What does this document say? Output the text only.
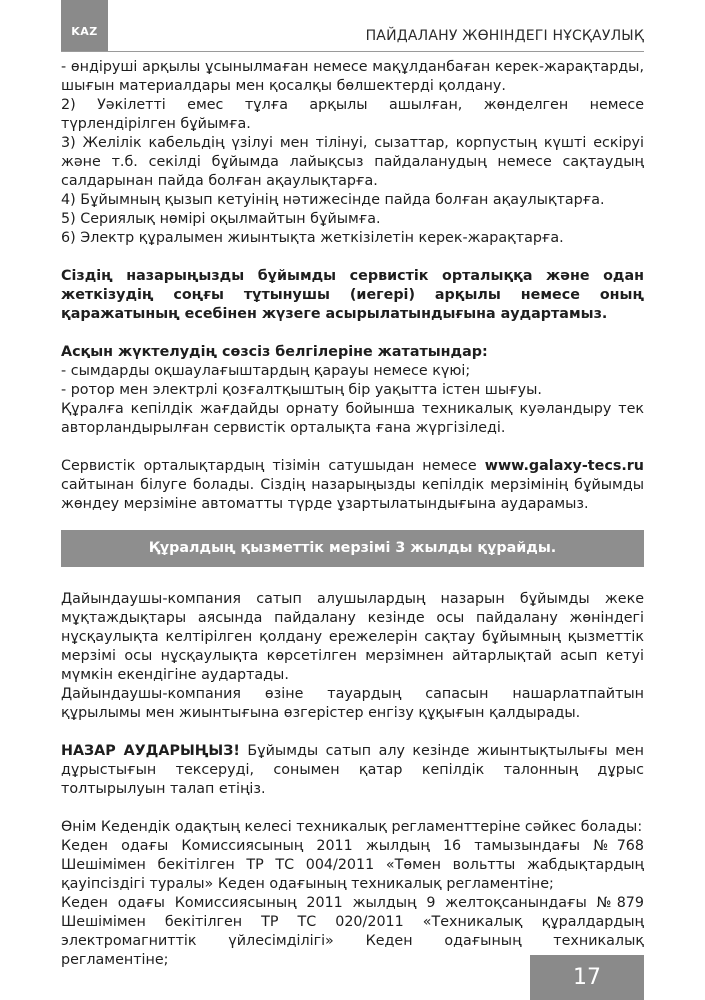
KAZ	ПАЙДАЛАНУ ЖӨНІНДЕГІ НҰСҚАУЛЫҚ

- өндіруші арқылы ұсынылмаған немесе мақұлданбаған керек-жарақтарды, шығын материалдары мен қосалқы бөлшектерді қолдану.

2) Уәкілетті емес тұлға арқылы ашылған, жөнделген немесе түрлендірілген бұйымға.

3) Желілік кабельдің үзілуі мен тілінуі, сызаттар, корпустың күшті ескіруі және т.б. секілді бұйымда лайықсыз пайдаланудың немесе сақтаудың салдарынан пайда болған ақаулықтарға.

4) Бұйымның қызып кетуінің нәтижесінде пайда болған ақаулықтарға.

5) Сериялық нөмірі оқылмайтын бұйымға.

6) Электр құралымен жиынтықта жеткізілетін керек-жарақтарға.

Сіздің назарыңызды бұйымды сервистік орталыққа және одан жеткізудің соңғы тұтынушы (иегері) арқылы немесе оның қаражатының есебінен жүзеге асырылатындығына аудартамыз.

Асқын жүктелудің сөзсіз белгілеріне жататындар:

- сымдарды оқшаулағыштардың қарауы немесе күюі;

- ротор мен электрлі қозғалтқыштың бір уақытта істен шығуы.

Құралға кепілдік жағдайды орнату бойынша техникалық куәландыру тек авторландырылған сервистік орталықта ғана жүргізіледі.

Сервистік орталықтардың тізімін сатушыдан немесе www.galaxy-tecs.ru сайтынан білуге болады. Сіздің назарыңызды кепілдік мерзімінің бұйымды жөндеу мерзіміне автоматты түрде ұзартылатындығына аударамыз.

Құралдың қызметтік мерзімі 3 жылды құрайды.

Дайындаушы-компания сатып алушылардың назарын бұйымды жеке мұқтаждықтары аясында пайдалану кезінде осы пайдалану жөніндегі нұсқаулықта келтірілген қолдану ережелерін сақтау бұйымның қызметтік мерзімі осы нұсқаулықта көрсетілген мерзімнен айтарлықтай асып кетуі мүмкін екендігіне аудартады.

Дайындаушы-компания өзіне тауардың сапасын нашарлатпайтын құрылымы мен жиынтығына өзгерістер енгізу құқығын қалдырады.

НАЗАР АУДАРЫҢЫЗ! Бұйымды сатып алу кезінде жиынтықтылығы мен дұрыстығын тексеруді, сонымен қатар кепілдік талонның дұрыс толтырылуын талап етіңіз.

Өнім Кедендік одақтың келесі техникалық регламенттеріне сәйкес болады:

Кеден одағы Комиссиясының 2011 жылдың 16 тамызындағы №768 Шешімімен бекітілген ТР ТС 004/2011 «Төмен вольтты жабдықтардың қауіпсіздігі туралы» Кеден одағының техникалық регламентіне;

Кеден одағы Комиссиясының 2011 жылдың 9 желтоқсанындағы №879 Шешімімен бекітілген ТР ТС 020/2011 «Техникалық құралдардың электромагниттік үйлесімділігі» Кеден одағының техникалық регламентіне;

17
